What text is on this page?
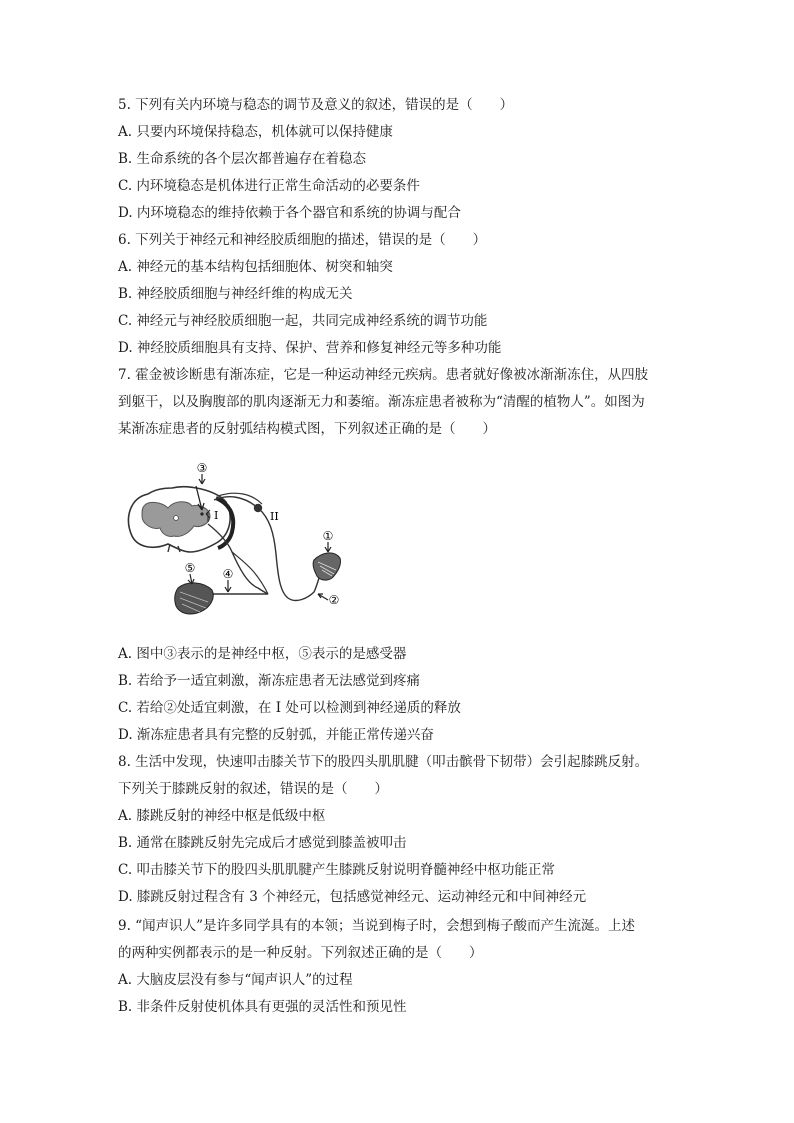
5. 下列有关内环境与稳态的调节及意义的叙述，错误的是（　　）
A. 只要内环境保持稳态，机体就可以保持健康
B. 生命系统的各个层次都普遍存在着稳态
C. 内环境稳态是机体进行正常生命活动的必要条件
D. 内环境稳态的维持依赖于各个器官和系统的协调与配合
6. 下列关于神经元和神经胶质细胞的描述，错误的是（　　）
A. 神经元的基本结构包括细胞体、树突和轴突
B. 神经胶质细胞与神经纤维的构成无关
C. 神经元与神经胶质细胞一起，共同完成神经系统的调节功能
D. 神经胶质细胞具有支持、保护、营养和修复神经元等多种功能
7. 霍金被诊断患有渐冻症，它是一种运动神经元疾病。患者就好像被冰渐渐冻住，从四肢
到躯干，以及胸腹部的肌肉逐渐无力和萎缩。渐冻症患者被称为“清醒的植物人”。如图为
某渐冻症患者的反射弧结构模式图，下列叙述正确的是（　　）
③
I	II
①
②
⑤ ④
A. 图中③表示的是神经中枢，⑤表示的是感受器
B. 若给予一适宜刺激，渐冻症患者无法感觉到疼痛
C. 若给②处适宜刺激，在 I 处可以检测到神经递质的释放
D. 渐冻症患者具有完整的反射弧，并能正常传递兴奋
8. 生活中发现，快速叩击膝关节下的股四头肌肌腱（叩击髌骨下韧带）会引起膝跳反射。
下列关于膝跳反射的叙述，错误的是（　　）
A. 膝跳反射的神经中枢是低级中枢
B. 通常在膝跳反射先完成后才感觉到膝盖被叩击
C. 叩击膝关节下的股四头肌肌腱产生膝跳反射说明脊髓神经中枢功能正常
D. 膝跳反射过程含有 3 个神经元，包括感觉神经元、运动神经元和中间神经元
9. “闻声识人”是许多同学具有的本领；当说到梅子时，会想到梅子酸而产生流涎。上述
的两种实例都表示的是一种反射。下列叙述正确的是（　　）
A. 大脑皮层没有参与“闻声识人”的过程
B. 非条件反射使机体具有更强的灵活性和预见性
